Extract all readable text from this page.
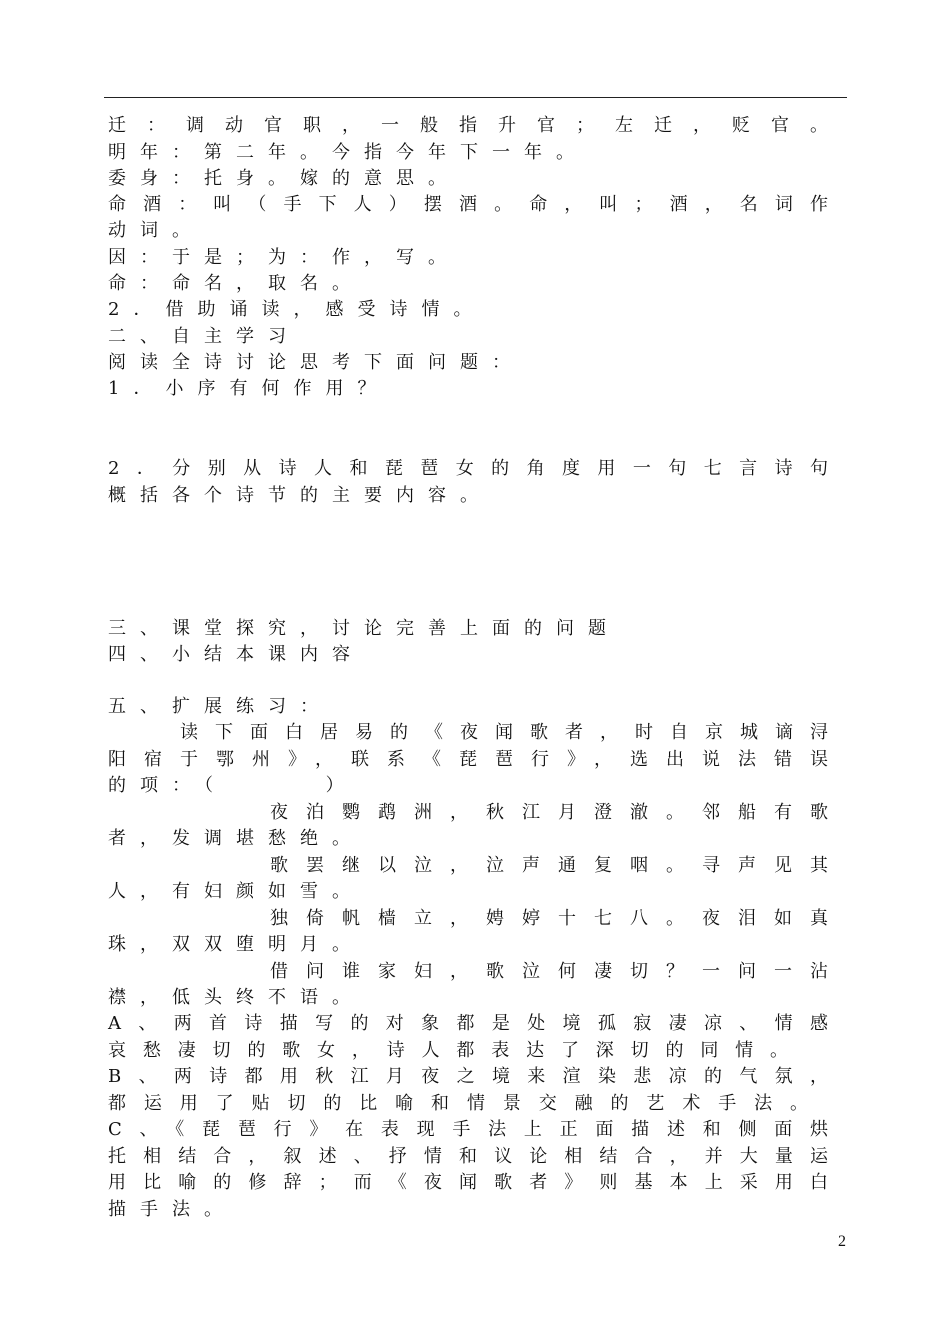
迁：调动官职，一般指升官；左迁，贬官。
明年：第二年。今指今年下一年。
委身：托身。嫁的意思。
命酒：叫（手下人）摆酒。命，叫；酒，名词作
动词。
因：于是；为：作，写。
命：命名，取名。
2．借助诵读，感受诗情。
二、自主学习
阅读全诗讨论思考下面问题：
1．小序有何作用？
2．分别从诗人和琵琶女的角度用一句七言诗句
概括各个诗节的主要内容。
三、课堂探究，讨论完善上面的问题
四、小结本课内容
五、扩展练习：
读下面白居易的《夜闻歌者，时自京城谪浔
阳宿于鄂州》，联系《琵琶行》，选出说法错误
的项：（     ）
夜泊鹦鹉洲，秋江月澄澈。邻船有歌
者，发调堪愁绝。
歌罢继以泣，泣声通复咽。寻声见其
人，有妇颜如雪。
独倚帆樯立，娉婷十七八。夜泪如真
珠，双双堕明月。
借问谁家妇，歌泣何凄切？一问一沾
襟，低头终不语。
A、两首诗描写的对象都是处境孤寂凄凉、情感
哀愁凄切的歌女，诗人都表达了深切的同情。
B、两诗都用秋江月夜之境来渲染悲凉的气氛，
都运用了贴切的比喻和情景交融的艺术手法。
C、《琵琶行》在表现手法上正面描述和侧面烘
托相结合，叙述、抒情和议论相结合，并大量运
用比喻的修辞；而《夜闻歌者》则基本上采用白
描手法。
2
